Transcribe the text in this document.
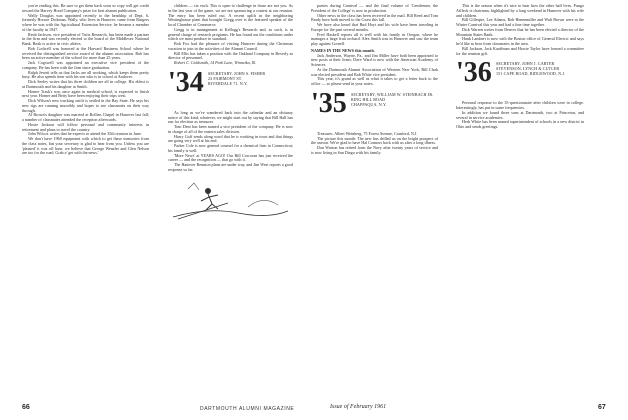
you're reading this. Be sure to get them back soon so copy will get credit toward the Harvey Hood Company's prize for best alumni publication.

Wally Douglas was appointed recently to the headship of Dept. 6, formerly Horace Dickman. Wally, who lives in Hanover, came from Rutgers where he was with the Agricultural Extension Service; he became a member of the faculty in 1947.

Reub Jackson, vice president of Tufts Research, has been made a partner in the firm and was recently elected to the board of the Middlesex National Bank. Reub is active in civic affairs.

Bob Cockrell was honored at the Harvard Business School where he received the distinguished service award of the alumni association. Bob has been an active member of the school for more than 25 years.

Jack Cogswell was appointed an executive vice president of the company. He has been with the firm since graduation.

Ralph Jewett tells us that Jacks are all working, which keeps them pretty busy. He also spends time with his son who is in school at Andover.

Dick Seeley writes that his three children are all in college. His eldest is at Dartmouth and his daughter at Smith.

Homer Trask's son, once again in medical school, is expected to finish next year. Homer and Betty have been enjoying their trips west.

Dick Wilson's new trucking outfit is settled in the Bay State. He says his new rigs are running smoothly and hopes to see classmates on their way through.

Al Brown's daughter was married at Rollins Chapel in Hanover last fall; a number of classmates attended the reception afterwards.

Hoxie Jackson will follow personal and community interests in retirement and plans to travel the country.

John Wilcox writes that he expects to attend the 35th reunion in June.

We don't have 1960 equipment with which to get these memories from the class notes, but your secretary is glad to hear from you. Unless you are 'pleased' it was off base, we believe that George Wenzler and Glen Nelson are too for the road. Grab a 'get with the news.'

children — six each. This is open to challenge in those are not you. As in the last year of the game, we are not sponsoring a contest at our reunion. The entry has been ruled out. A recent uplift in the neighboring Westinghouse plant that brought Gregg over is the featured speaker of the local Chamber of Commerce.

Gregg is in management at Kellogg's Research and, as such, is in general charge of research programs. He has found out the conditions under which we must produce to standard.

Bob Fox had the pleasure of visiting Hanover during the Christmas vacation to join in the activities of the Alumni Council.

Bill Ellis has taken a position with the Oakland Company in Beverly as director of personnel.

Robert C. Goldsmith, 14 Park Lane, Winnetka, Ill.

'34 SECRETARY, JOHN S. FISHER
23 FAIRMONT ST.
RIVERDALE 71, N.Y.

As long as we've wandered back into the calendar and an obituary notice of this kind, whatever, we might start out by saying that Bill Hall has run for election as treasurer.

Tom Dent has been named a vice president of the company. He is now in charge of all of the eastern sales division.

Harry Goff sends along word that he is working in town and that things are going very well at his end.

Parker Cole is now general counsel for a chemical firm in Connecticut; his family is well.

'More News' at YEARS AGO! Our Bill Corcoran has just received the career — and the recognition — that go with it.

The Hanover Reunion plans are under way, and Jim West reports a good response so far.

parties during Carnival — and the final volume of 'Gentlemen, the President of the College' is now in production.

Other news in the class has been received in the mail. Bill Reed and Tom Brady have both moved to the Coast this fall.

We have also heard that Bud Hoyt and his wife have been traveling in Europe for the past several months.

Fred Haskell reports all is well with his family in Oregon, where he manages a large fruit orchard. Alex Smith was in Hanover and saw the team play against Cornell.

NAMES IN THE NEWS this month.

Jack Anderson, Wayne, Pa., and Jim Miller have both been appointed to new posts at their firms; Dave Ward is now with the American Academy of Sciences.

At the Dartmouth Alumni Association of Western New York, Bill Clark was elected president and Bob White vice president.

This year, it's grand as well as what it takes to get a letter back to the office — so please send in your notes.

'35 SECRETARY, WILLIAM W. STEINBACH JR.
RING HILL ROAD
CHAPPAQUA, N.Y.

Treasurer, Albert Weinberg, 75 Forest Avenue, Cranford, N.J.

The picture this month: The new bus drilled us on the bright prospect of the season. We're glad to have Hal Connors back with us after a long illness.

Don Watson has retired from the Navy after twenty years of service and is now living in San Diego with his family.

This is the season when it's nice to hear how the other half lives. Pungo Affleck is chairman, highlighted by a long weekend in Hanover with his wife and children.

Bill Gillespie, Lee Adams, Rob Hennemiller and Walt Brown were at the Winter Carnival this year and had a fine time together.

Dick Warren writes from Denver that he has been elected a director of the Mountain States Bank.

Hank Lambert is now with the Boston office of General Electric and says he'd like to hear from classmates in the area.

Bill Jackson, Jack Kauffman and Howie Taylor have formed a committee for the reunion gift.

'36 SECRETARY, JOHN J. CARTER
STEVENSON, LYNCH & CUTLER
151 CAPE ROAD, RIDGEWOOD, N.J.

Personal response to the 35-questionnaire after children were in college. Interestingly, has put in some frequencies.

In addition we found three sons at Dartmouth, two at Princeton, and several in service academies.

Herb White has been named superintendent of schools in a new district in Ohio and sends greetings.

66	DARTMOUTH ALUMNI MAGAZINE	Issue of February 1961	67
